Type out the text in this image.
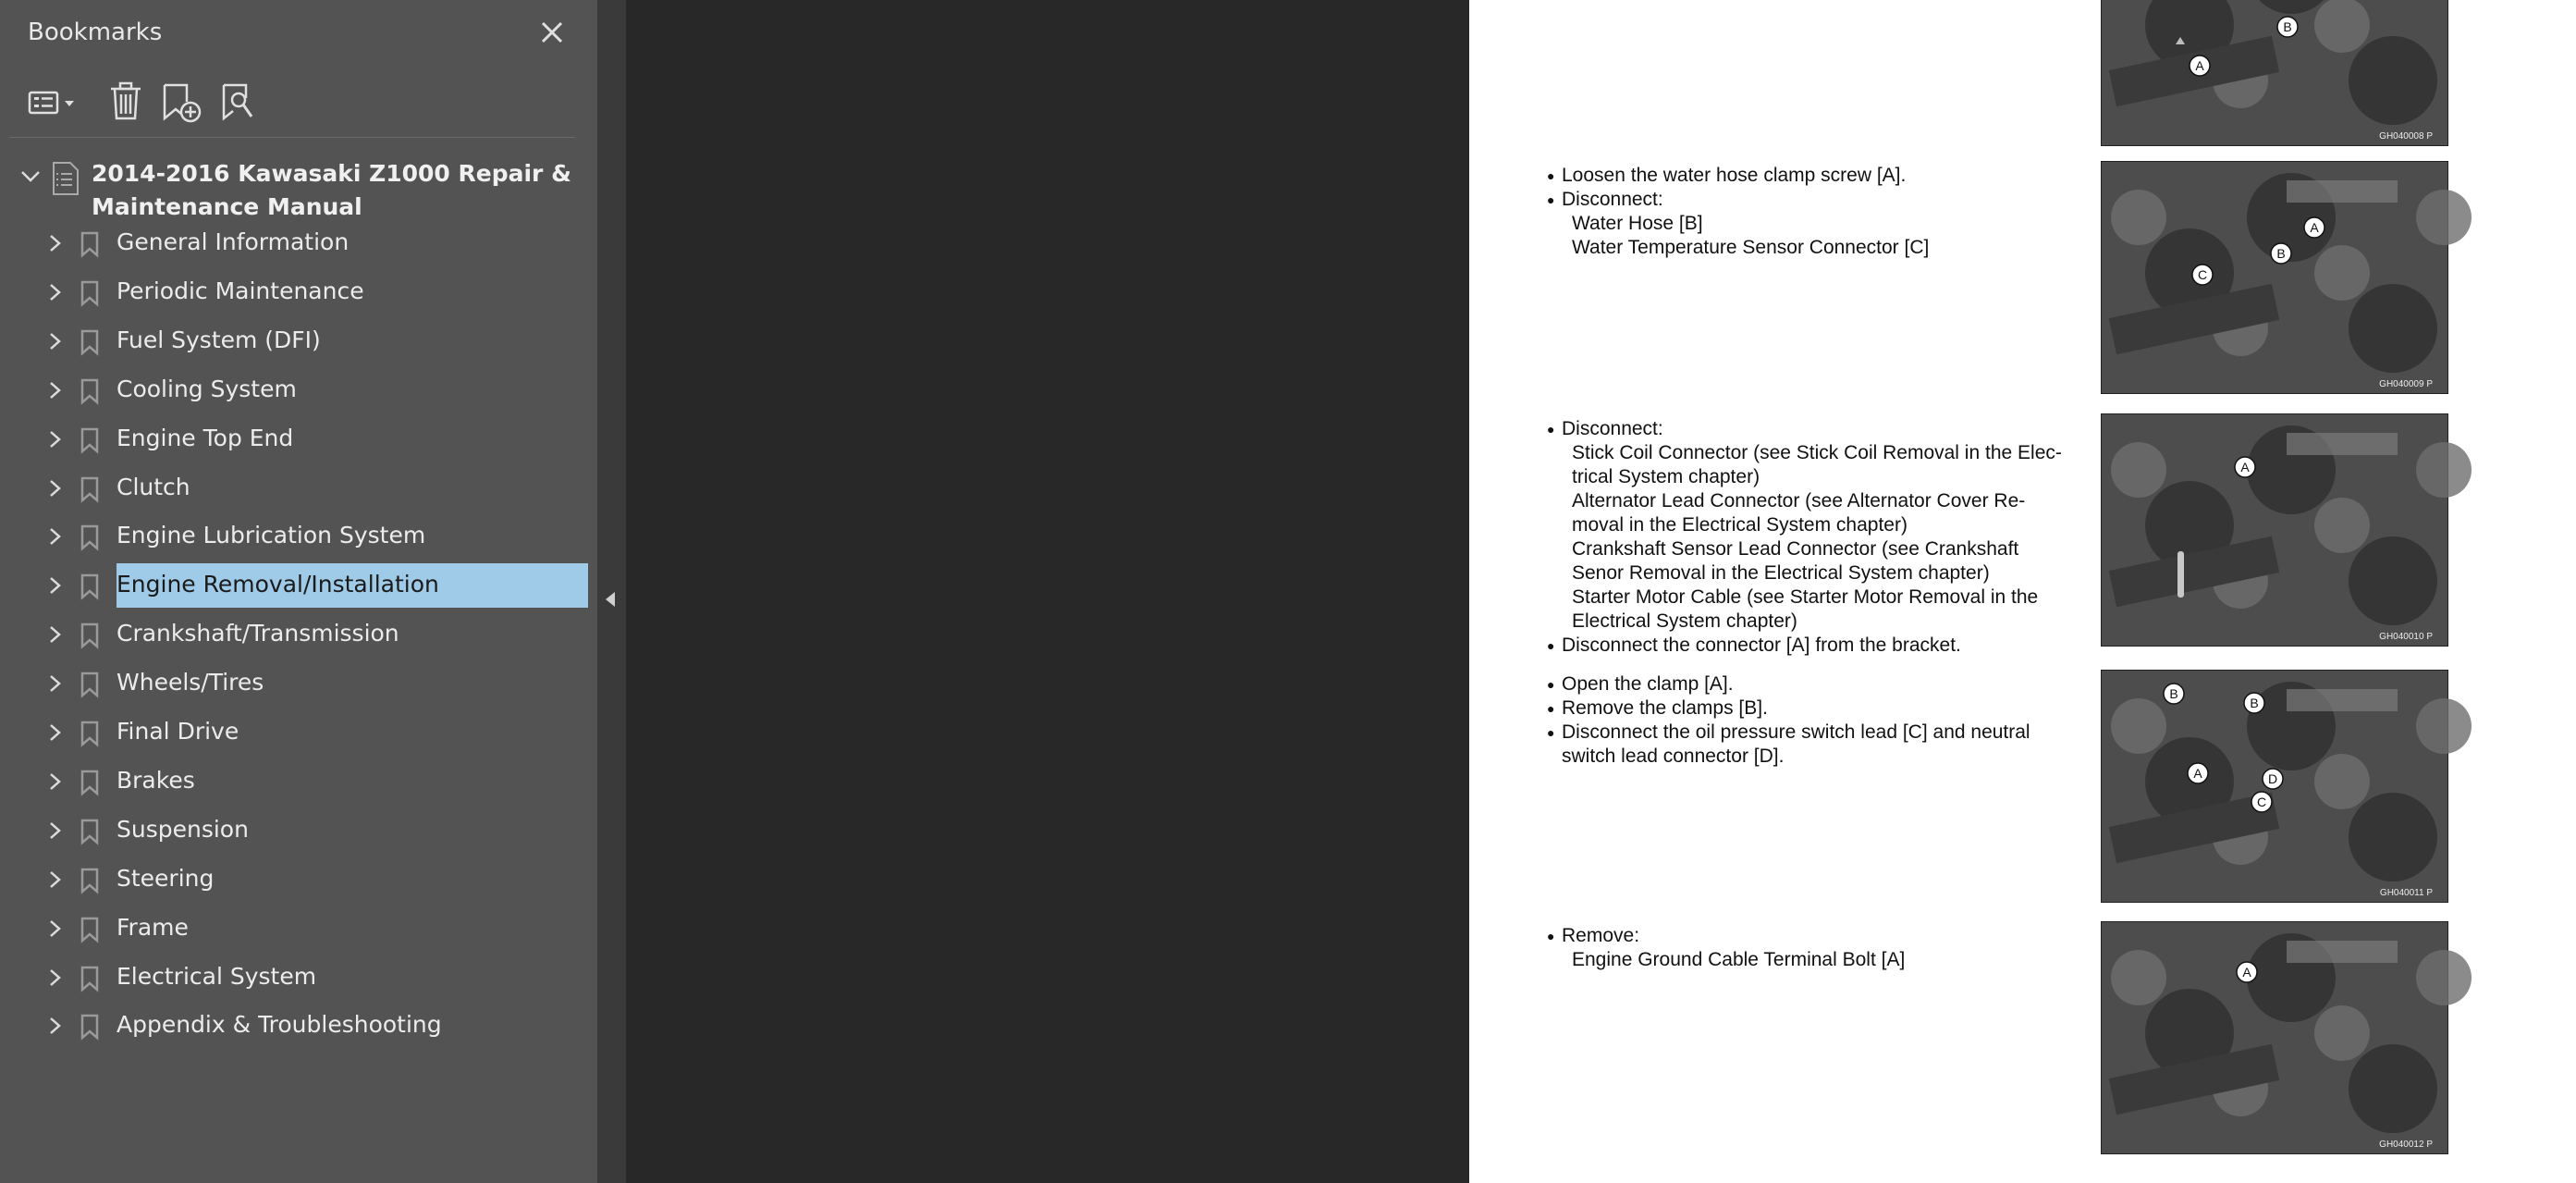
Bookmarks
2014-2016 Kawasaki Z1000 Repair &
Maintenance Manual
General Information
Periodic Maintenance
Fuel System (DFI)
Cooling System
Engine Top End
Clutch
Engine Lubrication System
Engine Removal/Installation
Crankshaft/Transmission
Wheels/Tires
Final Drive
Brakes
Suspension
Steering
Frame
Electrical System
Appendix & Troubleshooting
● Loosen the water hose clamp screw [A].
● Disconnect:
Water Hose [B]
Water Temperature Sensor Connector [C]
● Disconnect:
Stick Coil Connector (see Stick Coil Removal in the Elec-
trical System chapter)
Alternator Lead Connector (see Alternator Cover Re-
moval in the Electrical System chapter)
Crankshaft Sensor Lead Connector (see Crankshaft
Senor Removal in the Electrical System chapter)
Starter Motor Cable (see Starter Motor Removal in the
Electrical System chapter)
● Disconnect the connector [A] from the bracket.
● Open the clamp [A].
● Remove the clamps [B].
● Disconnect the oil pressure switch lead [C] and neutral
switch lead connector [D].
● Remove:
Engine Ground Cable Terminal Bolt [A]
A
B
GH040008 P
B
A
C
GH040009 P
A
GH040010 P
B
B
A	D
C
GH040011 P
A
GH040012 P
